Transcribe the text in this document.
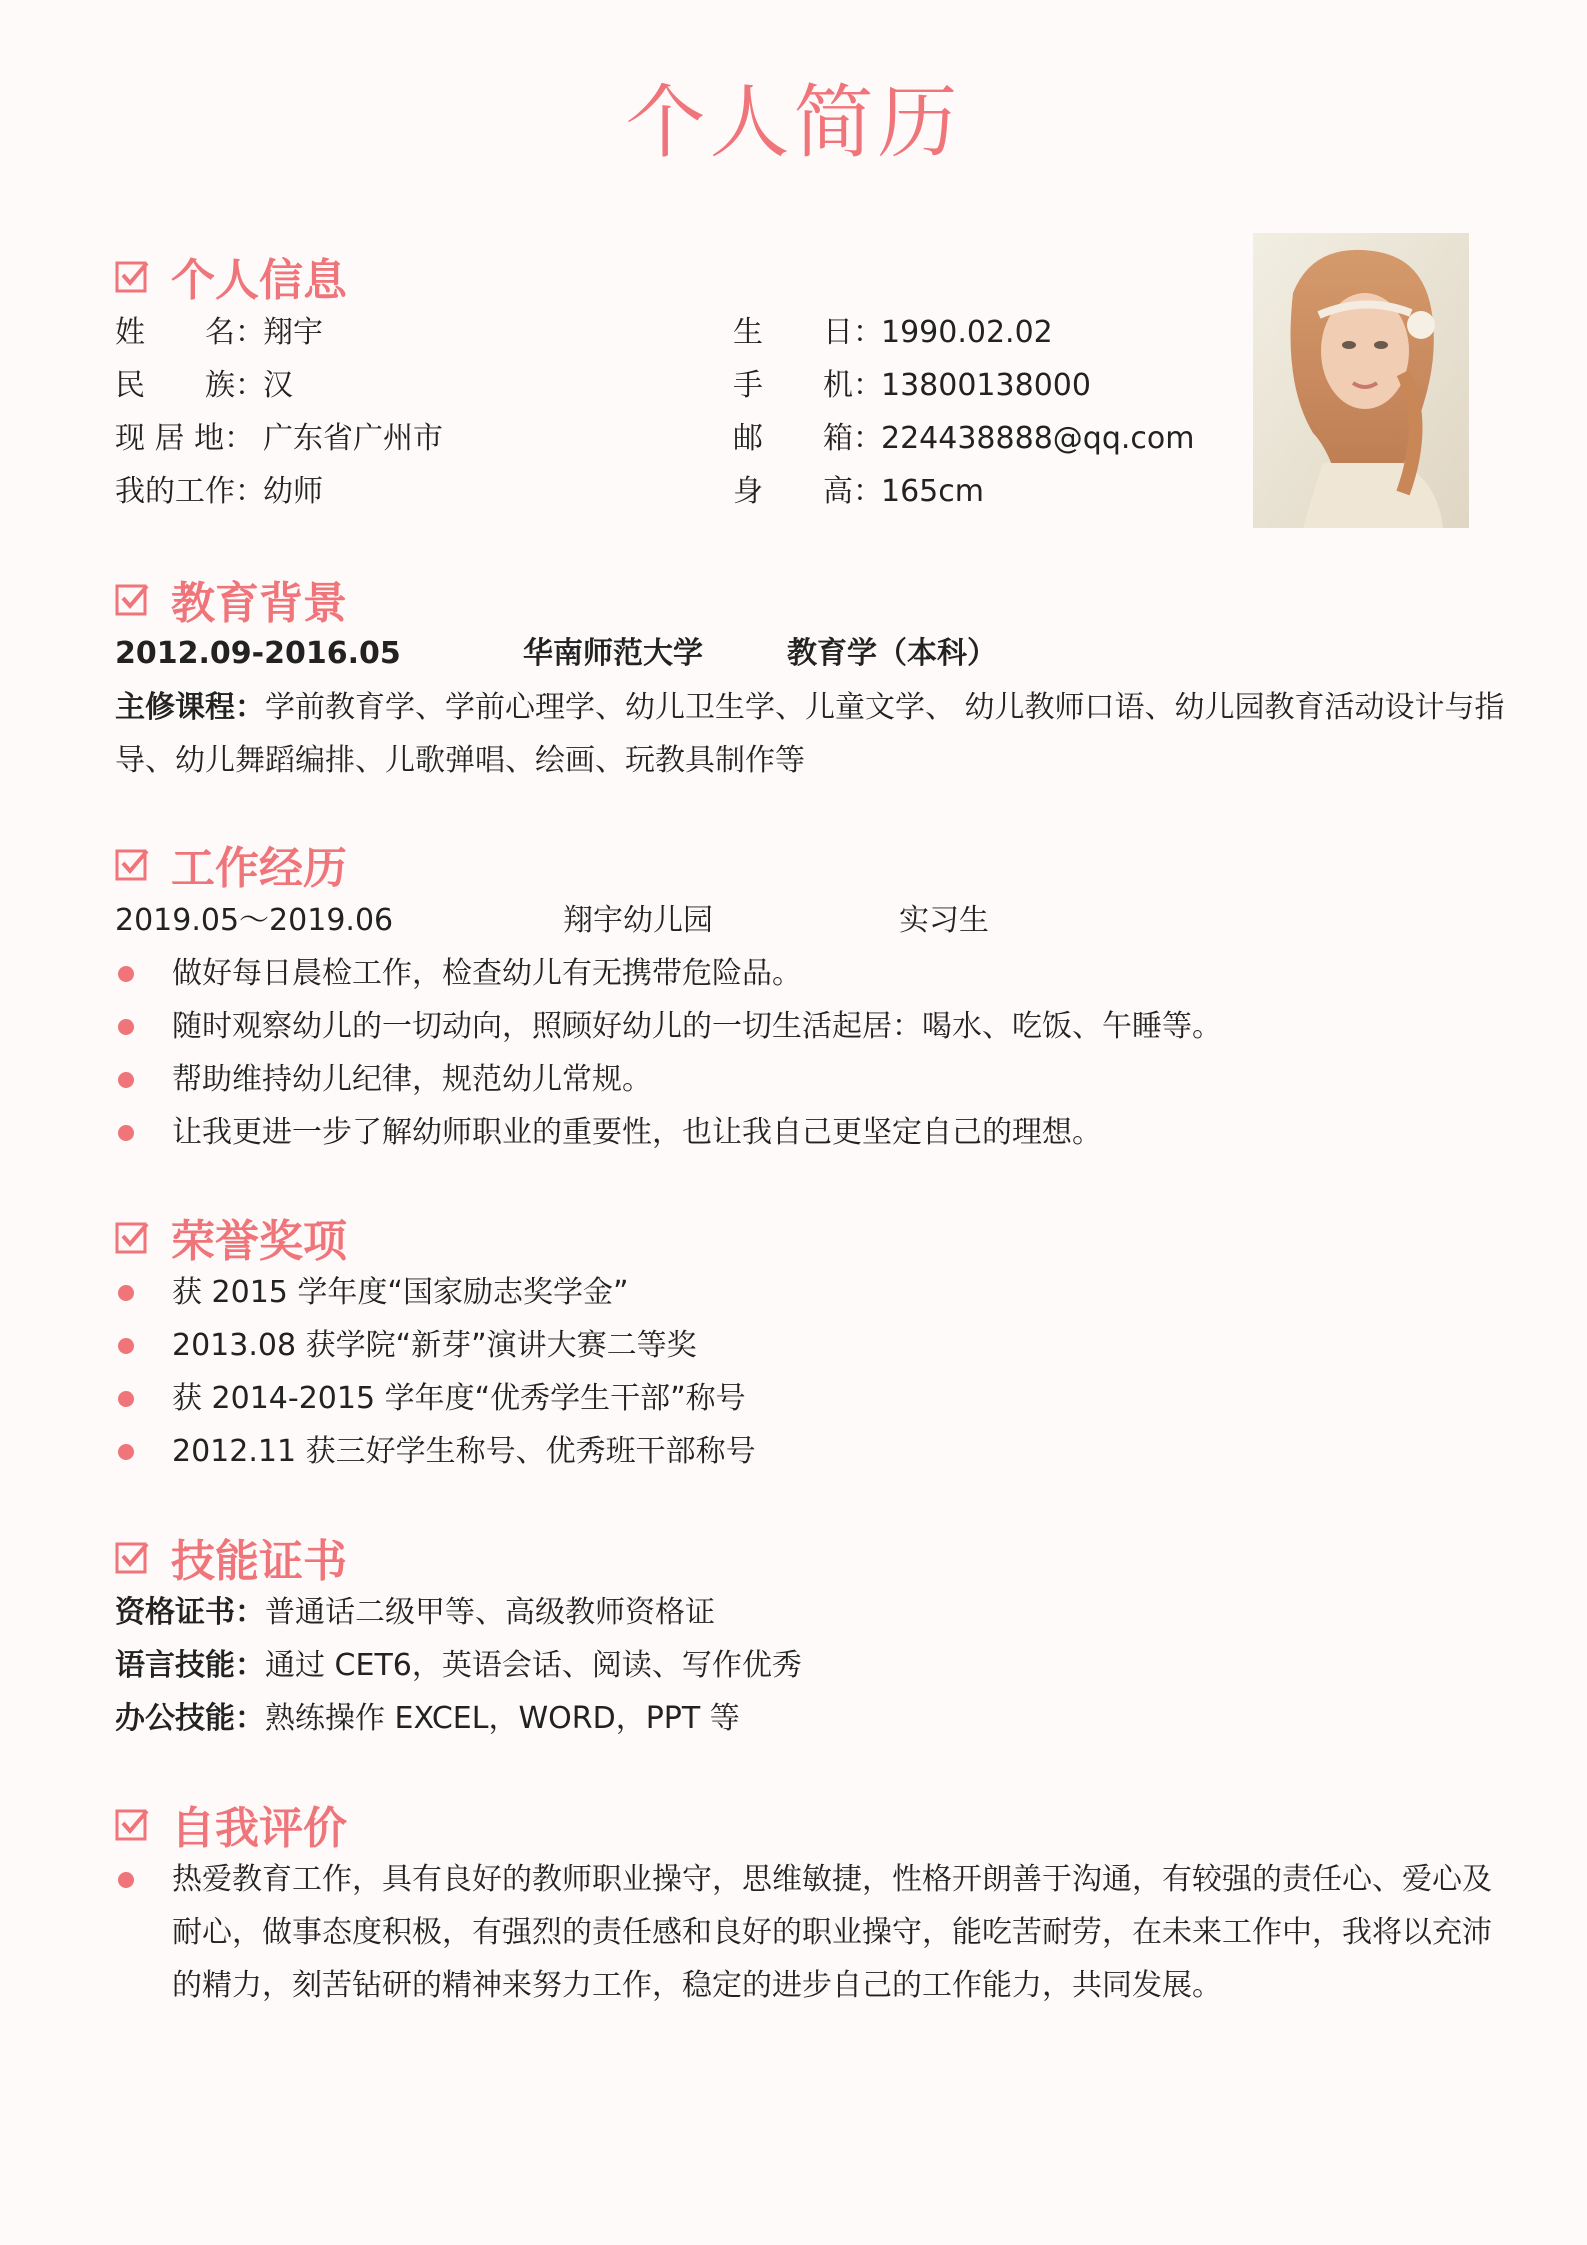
个人简历
个人信息
姓　　名：翔宇
民　　族：汉
现 居 地： 广东省广州市
我的工作：幼师
生　　日：1990.02.02
手　　机：13800138000
邮　　箱：224438888@qq.com
身　　高：165cm
教育背景
2012.09-2016.05	华南师范大学	教育学（本科）
主修课程：学前教育学、学前心理学、幼儿卫生学、儿童文学、 幼儿教师口语、幼儿园教育活动设计与指
导、幼儿舞蹈编排、儿歌弹唱、绘画、玩教具制作等
工作经历
2019.05～2019.06	翔宇幼儿园	实习生
做好每日晨检工作，检查幼儿有无携带危险品。
随时观察幼儿的一切动向，照顾好幼儿的一切生活起居：喝水、吃饭、午睡等。
帮助维持幼儿纪律，规范幼儿常规。
让我更进一步了解幼师职业的重要性，也让我自己更坚定自己的理想。
荣誉奖项
获 2015 学年度“国家励志奖学金”
2013.08 获学院“新芽”演讲大赛二等奖
获 2014-2015 学年度“优秀学生干部”称号
2012.11 获三好学生称号、优秀班干部称号
技能证书
资格证书：普通话二级甲等、高级教师资格证
语言技能：通过 CET6，英语会话、阅读、写作优秀
办公技能：熟练操作 EXCEL，WORD，PPT 等
自我评价
热爱教育工作，具有良好的教师职业操守，思维敏捷，性格开朗善于沟通，有较强的责任心、爱心及
耐心，做事态度积极，有强烈的责任感和良好的职业操守，能吃苦耐劳，在未来工作中，我将以充沛
的精力，刻苦钻研的精神来努力工作，稳定的进步自己的工作能力，共同发展。
